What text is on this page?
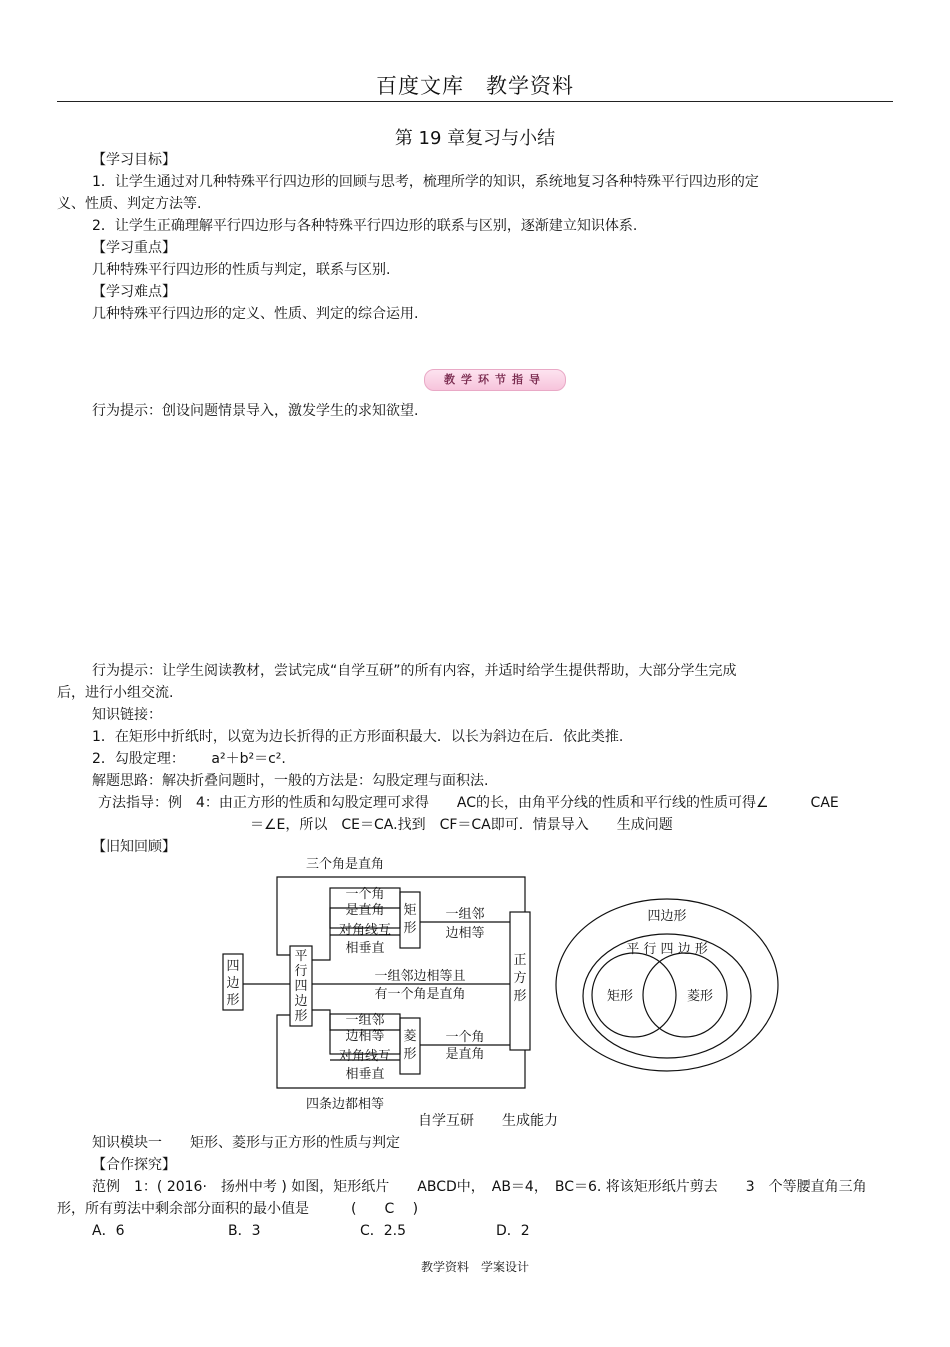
百度文库　教学资料
第 19 章复习与小结
【学习目标】
1．让学生通过对几种特殊平行四边形的回顾与思考，梳理所学的知识，系统地复习各种特殊平行四边形的定
义、性质、判定方法等.
2．让学生正确理解平行四边形与各种特殊平行四边形的联系与区别，逐渐建立知识体系.
【学习重点】
几种特殊平行四边形的性质与判定，联系与区别.
【学习难点】
几种特殊平行四边形的定义、性质、判定的综合运用.
教学环节指导
行为提示：创设问题情景导入，激发学生的求知欲望.
行为提示：让学生阅读教材，尝试完成“自学互研”的所有内容，并适时给学生提供帮助，大部分学生完成
后，进行小组交流.
知识链接：
1．在矩形中折纸时，以宽为边长折得的正方形面积最大．以长为斜边在后．依此类推.
2．勾股定理： a²＋b²＝c².
解题思路：解决折叠问题时，一般的方法是：勾股定理与面积法.
方法指导：例　4：由正方形的性质和勾股定理可求得　　AC的长，由角平分线的性质和平行线的性质可得∠　　　CAE
＝∠E，所以　CE＝CA.找到　CF＝CA即可．情景导入　　生成问题
【旧知回顾】
三个角是直角
四条边都相等
四
边
形
平
行
四
边
形
矩
形
菱
形
正
方
形
一个角
是直角
对角线互
相垂直
一组邻
边相等
对角线互
相垂直
一组邻
边相等
一组邻边相等且
有一个角是直角
一个角
是直角
四边形
平 行 四 边 形
矩形	菱形
自学互研　　生成能力
知识模块一　　矩形、菱形与正方形的性质与判定
【合作探究】
范例　1：( 2016·　扬州中考 ) 如图，矩形纸片　　ABCD中，　AB＝4，　BC＝6. 将该矩形纸片剪去　　3　个等腰直角三角
形，所有剪法中剩余部分面积的最小值是　　　(　　C　 )
A．6	B．3	C．2.5	D．2
教学资料　学案设计
